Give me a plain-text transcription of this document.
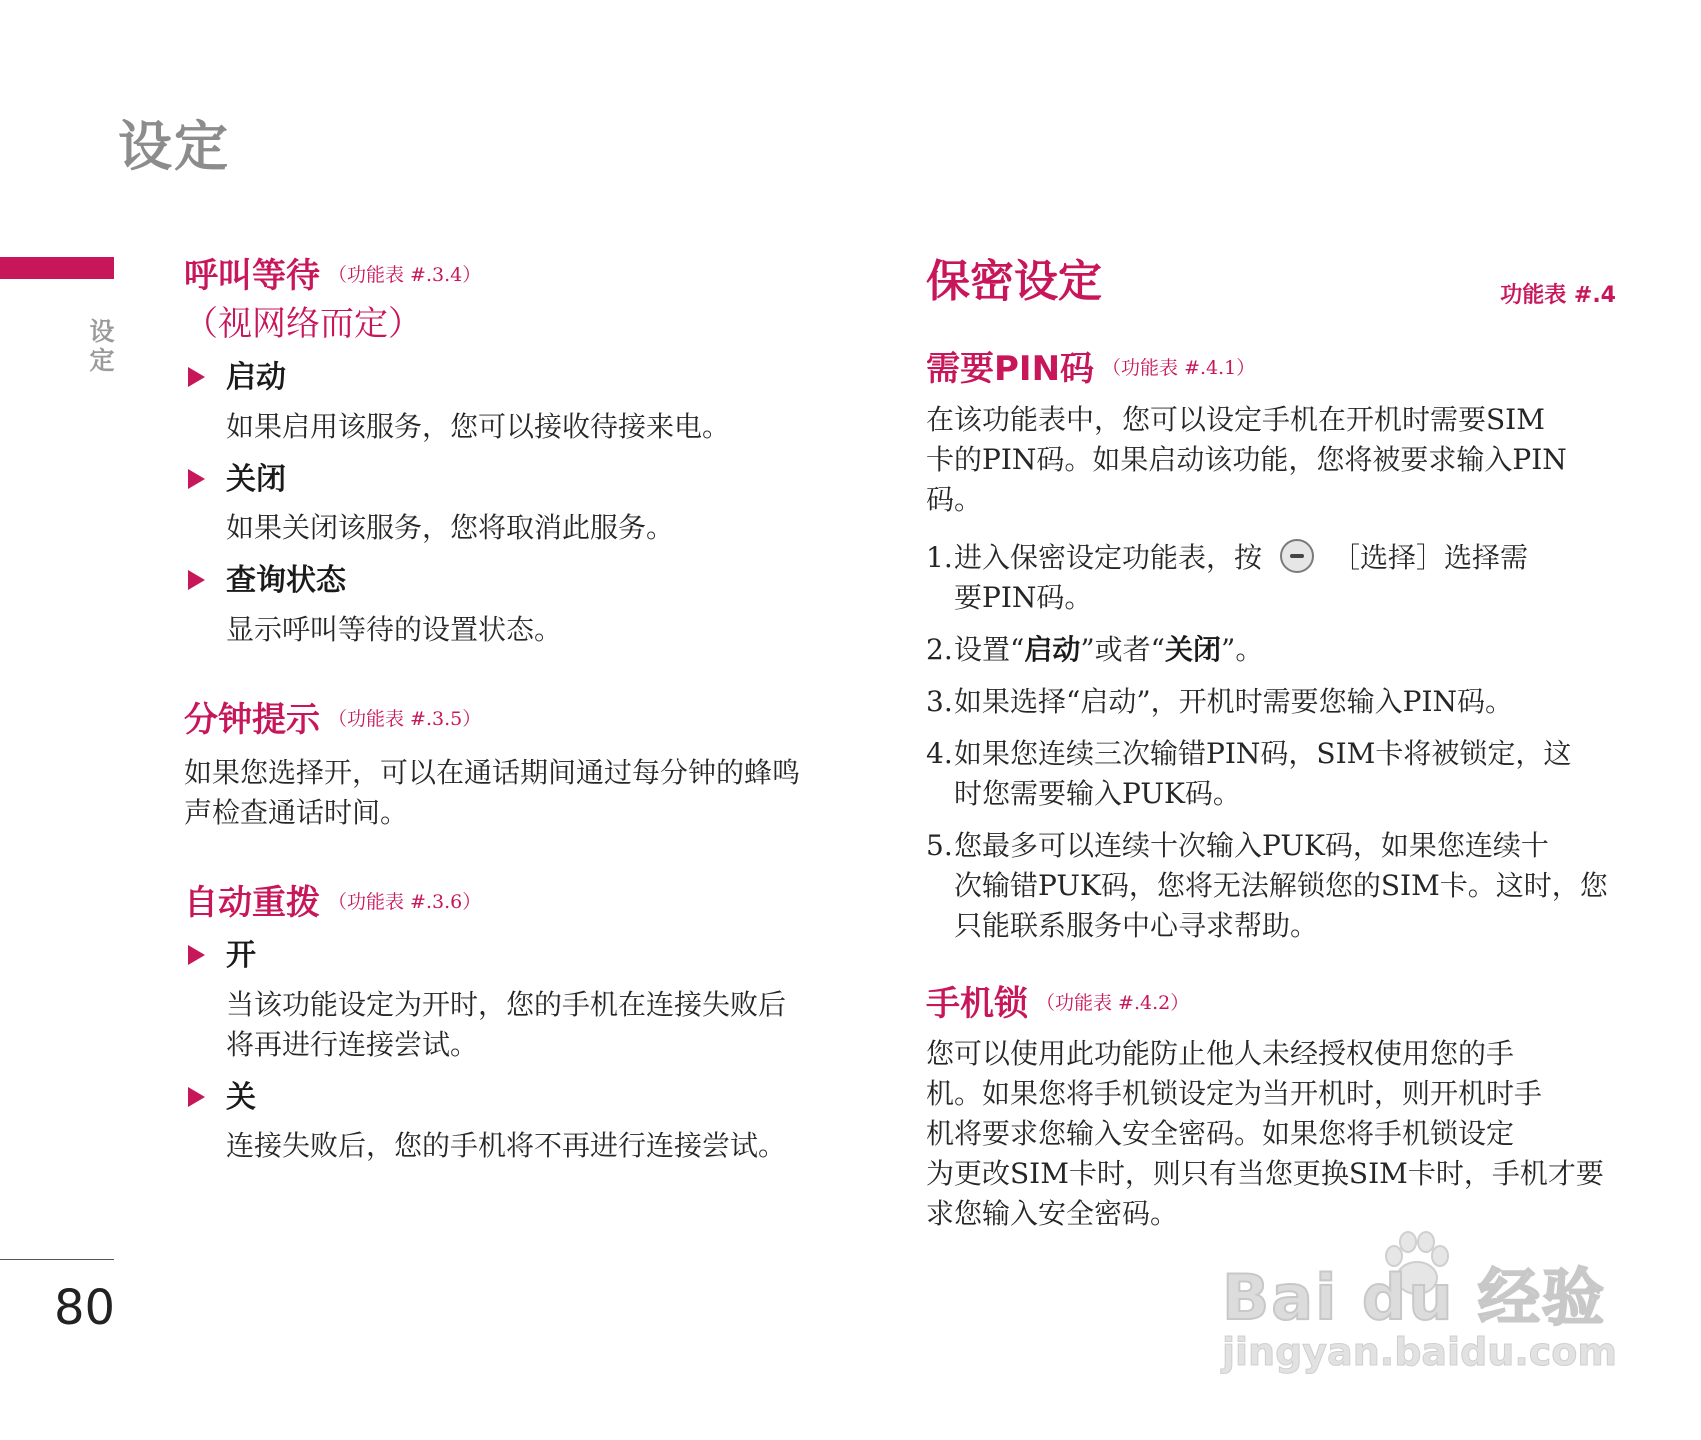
设定
设定
80
呼叫等待 （功能表 #.3.4）
（视网络而定）
启动
如果启用该服务，您可以接收待接来电。
关闭
如果关闭该服务，您将取消此服务。
查询状态
显示呼叫等待的设置状态。
分钟提示 （功能表 #.3.5）
如果您选择开，可以在通话期间通过每分钟的蜂鸣
声检查通话时间。
自动重拨 （功能表 #.3.6）
开
当该功能设定为开时，您的手机在连接失败后
将再进行连接尝试。
关
连接失败后，您的手机将不再进行连接尝试。
保密设定	功能表 #.4
需要PIN码 （功能表 #.4.1）
在该功能表中，您可以设定手机在开机时需要SIM
卡的PIN码。如果启动该功能，您将被要求输入PIN
码。
1. 进入保密设定功能表，按	［选择］选择需
要PIN码。
2. 设置“启动”或者“关闭”。
3. 如果选择“启动”，开机时需要您输入PIN码。
4. 如果您连续三次输错PIN码，SIM卡将被锁定，这
时您需要输入PUK码。
5. 您最多可以连续十次输入PUK码，如果您连续十
次输错PUK码，您将无法解锁您的SIM卡。这时，您
只能联系服务中心寻求帮助。
手机锁 （功能表 #.4.2）
您可以使用此功能防止他人未经授权使用您的手
机。如果您将手机锁设定为当开机时，则开机时手
机将要求您输入安全密码。如果您将手机锁设定
为更改SIM卡时，则只有当您更换SIM卡时，手机才要
求您输入安全密码。
Bai du 经验
jingyan.baidu.com
